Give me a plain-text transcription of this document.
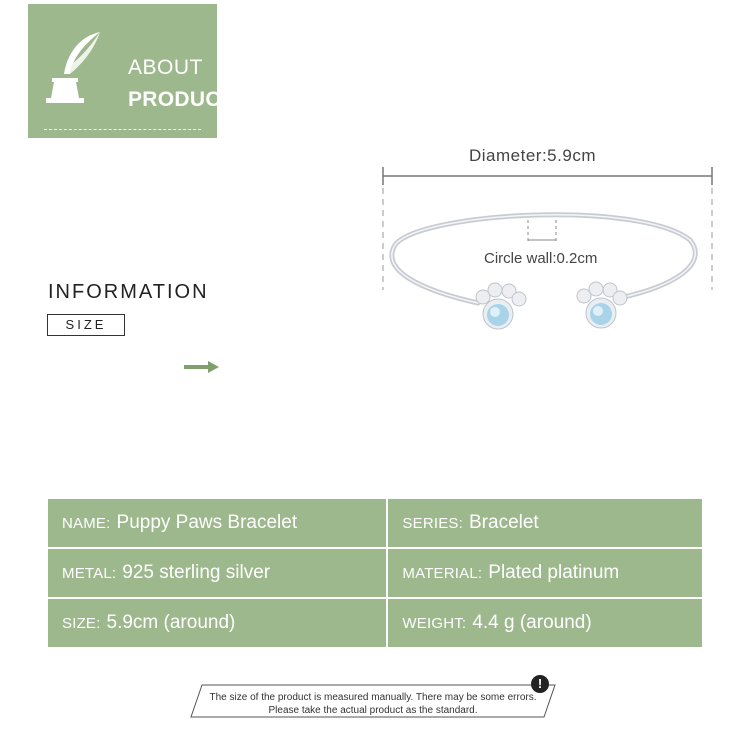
ABOUT
PRODUCT
INFORMATION
SIZE
Diameter:5.9cm
Circle wall:0.2cm
NAME: Puppy Paws Bracelet	SERIES: Bracelet
METAL: 925 sterling silver	MATERIAL: Plated platinum
SIZE: 5.9cm (around)	WEIGHT: 4.4 g (around)
The size of the product is measured manually. There may be some errors.
Please take the actual product as the standard.
!
